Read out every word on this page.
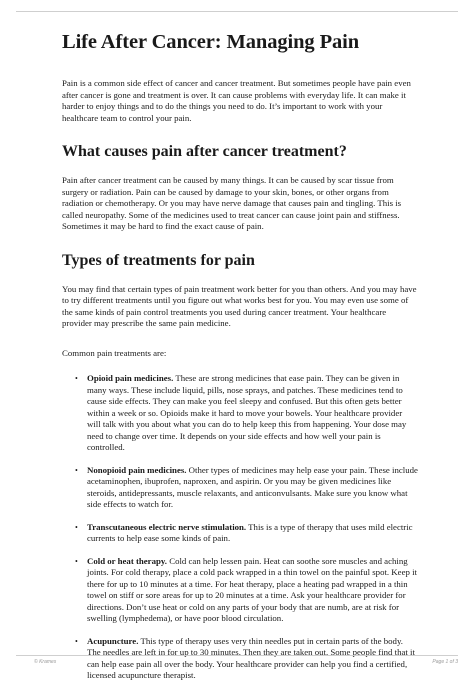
Life After Cancer: Managing Pain

Pain is a common side effect of cancer and cancer treatment. But sometimes people have pain even after cancer is gone and treatment is over. It can cause problems with everyday life. It can make it harder to enjoy things and to do the things you need to do. It’s important to work with your healthcare team to control your pain.

What causes pain after cancer treatment?

Pain after cancer treatment can be caused by many things. It can be caused by scar tissue from surgery or radiation. Pain can be caused by damage to your skin, bones, or other organs from radiation or chemotherapy. Or you may have nerve damage that causes pain and tingling. This is called neuropathy. Some of the medicines used to treat cancer can cause joint pain and stiffness. Sometimes it may be hard to find the exact cause of pain.

Types of treatments for pain

You may find that certain types of pain treatment work better for you than others. And you may have to try different treatments until you figure out what works best for you. You may even use some of the same kinds of pain control treatments you used during cancer treatment. Your healthcare provider may prescribe the same pain medicine.

Common pain treatments are:

• Opioid pain medicines. These are strong medicines that ease pain. They can be given in many ways. These include liquid, pills, nose sprays, and patches. These medicines tend to cause side effects. They can make you feel sleepy and confused. But this often gets better within a week or so. Opioids make it hard to move your bowels. Your healthcare provider will talk with you about what you can do to help keep this from happening. Your dose may need to change over time. It depends on your side effects and how well your pain is controlled.
• Nonopioid pain medicines. Other types of medicines may help ease your pain. These include acetaminophen, ibuprofen, naproxen, and aspirin. Or you may be given medicines like steroids, antidepressants, muscle relaxants, and anticonvulsants. Make sure you know what side effects to watch for.
• Transcutaneous electric nerve stimulation. This is a type of therapy that uses mild electric currents to help ease some kinds of pain.
• Cold or heat therapy. Cold can help lessen pain. Heat can soothe sore muscles and aching joints. For cold therapy, place a cold pack wrapped in a thin towel on the painful spot. Keep it there for up to 10 minutes at a time. For heat therapy, place a heating pad wrapped in a thin towel on stiff or sore areas for up to 20 minutes at a time. Ask your healthcare provider for directions. Don’t use heat or cold on any parts of your body that are numb, are at risk for swelling (lymphedema), or have poor blood circulation.
• Acupuncture. This type of therapy uses very thin needles put in certain parts of the body. The needles are left in for up to 30 minutes. Then they are taken out. Some people find that it can help ease pain all over the body. Your healthcare provider can help you find a certified, licensed acupuncture therapist.
© Krames	Page 1 of 3
